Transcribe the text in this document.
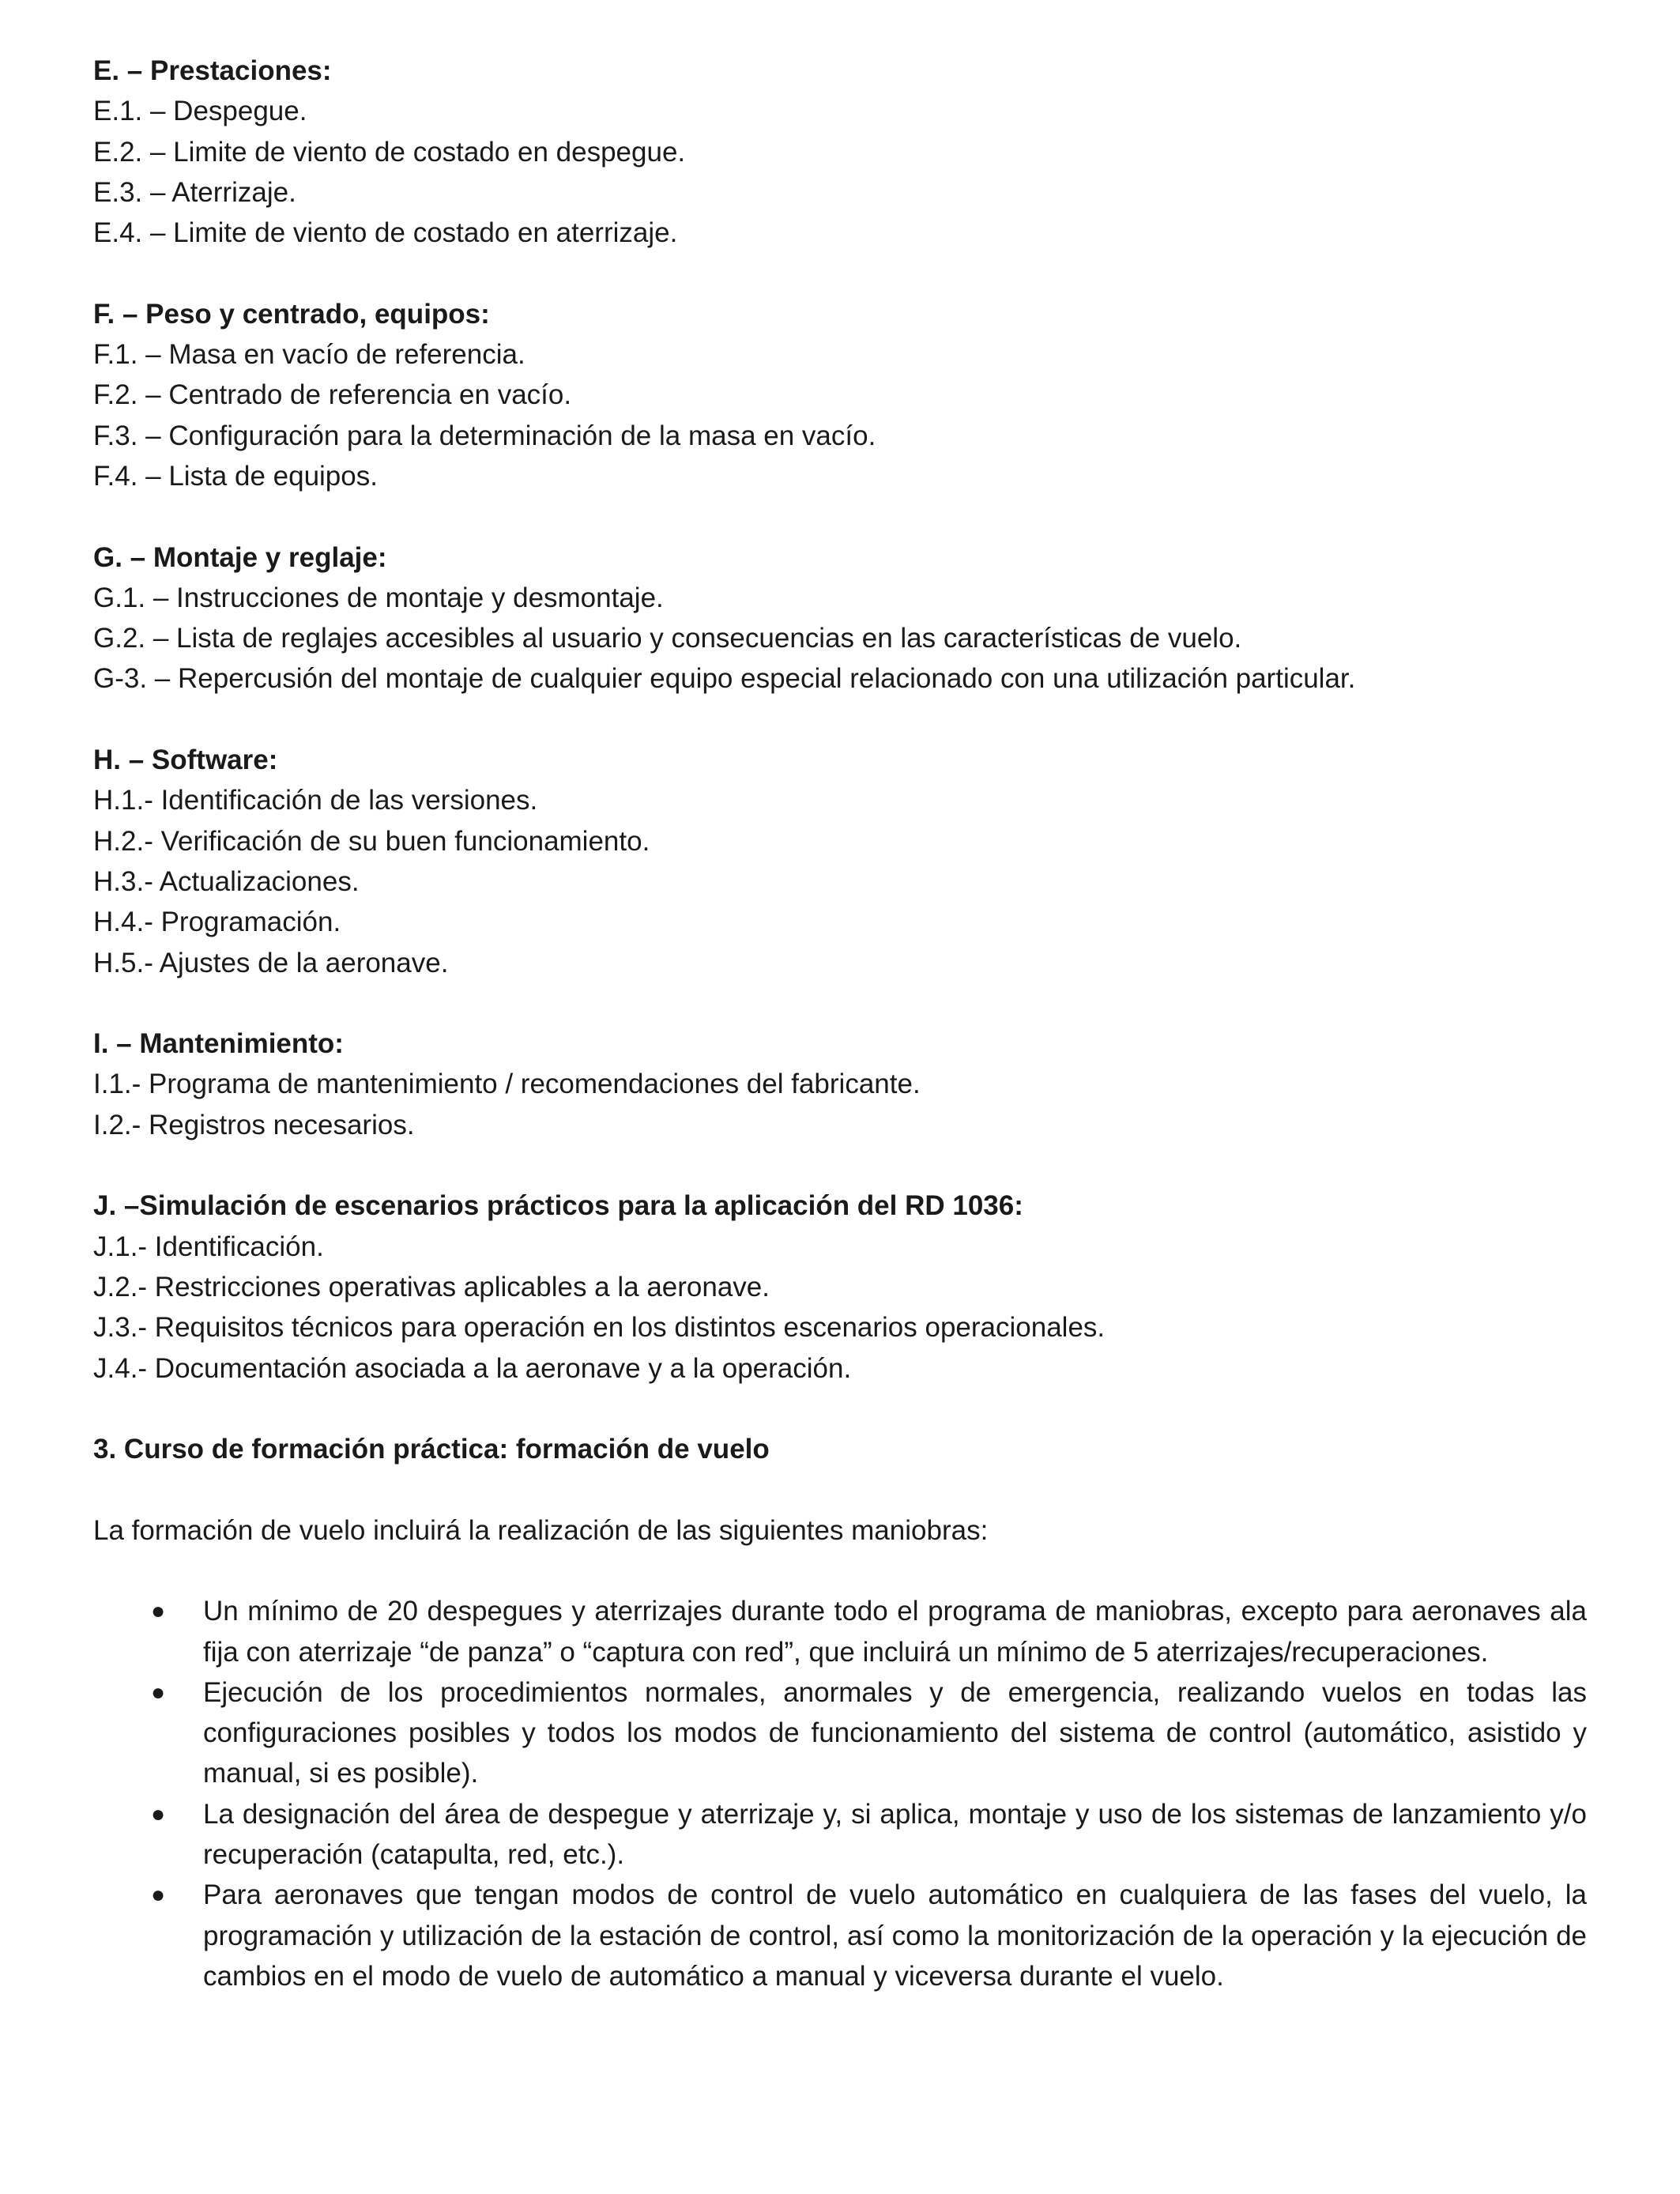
E. – Prestaciones:
E.1. – Despegue.
E.2. – Limite de viento de costado en despegue.
E.3. – Aterrizaje.
E.4. – Limite de viento de costado en aterrizaje.
F. – Peso y centrado, equipos:
F.1. – Masa en vacío de referencia.
F.2. – Centrado de referencia en vacío.
F.3. – Configuración para la determinación de la masa en vacío.
F.4. – Lista de equipos.
G. – Montaje y reglaje:
G.1. – Instrucciones de montaje y desmontaje.
G.2. – Lista de reglajes accesibles al usuario y consecuencias en las características de vuelo.
G-3. – Repercusión del montaje de cualquier equipo especial relacionado con una utilización particular.
H. – Software:
H.1.- Identificación de las versiones.
H.2.- Verificación de su buen funcionamiento.
H.3.- Actualizaciones.
H.4.- Programación.
H.5.- Ajustes de la aeronave.
I. – Mantenimiento:
I.1.- Programa de mantenimiento / recomendaciones del fabricante.
I.2.- Registros necesarios.
J. –Simulación de escenarios prácticos para la aplicación del RD 1036:
J.1.- Identificación.
J.2.- Restricciones operativas aplicables a la aeronave.
J.3.- Requisitos técnicos para operación en los distintos escenarios operacionales.
J.4.- Documentación asociada a la aeronave y a la operación.
3. Curso de formación práctica: formación de vuelo
La formación de vuelo incluirá la realización de las siguientes maniobras:
● Un mínimo de 20 despegues y aterrizajes durante todo el programa de maniobras, excepto para aeronaves ala fija con aterrizaje “de panza” o “captura con red”, que incluirá un mínimo de 5 aterrizajes/recuperaciones.
● Ejecución de los procedimientos normales, anormales y de emergencia, realizando vuelos en todas las configuraciones posibles y todos los modos de funcionamiento del sistema de control (automático, asistido y manual, si es posible).
● La designación del área de despegue y aterrizaje y, si aplica, montaje y uso de los sistemas de lanzamiento y/o recuperación (catapulta, red, etc.).
● Para aeronaves que tengan modos de control de vuelo automático en cualquiera de las fases del vuelo, la programación y utilización de la estación de control, así como la monitorización de la operación y la ejecución de cambios en el modo de vuelo de automático a manual y viceversa durante el vuelo.
